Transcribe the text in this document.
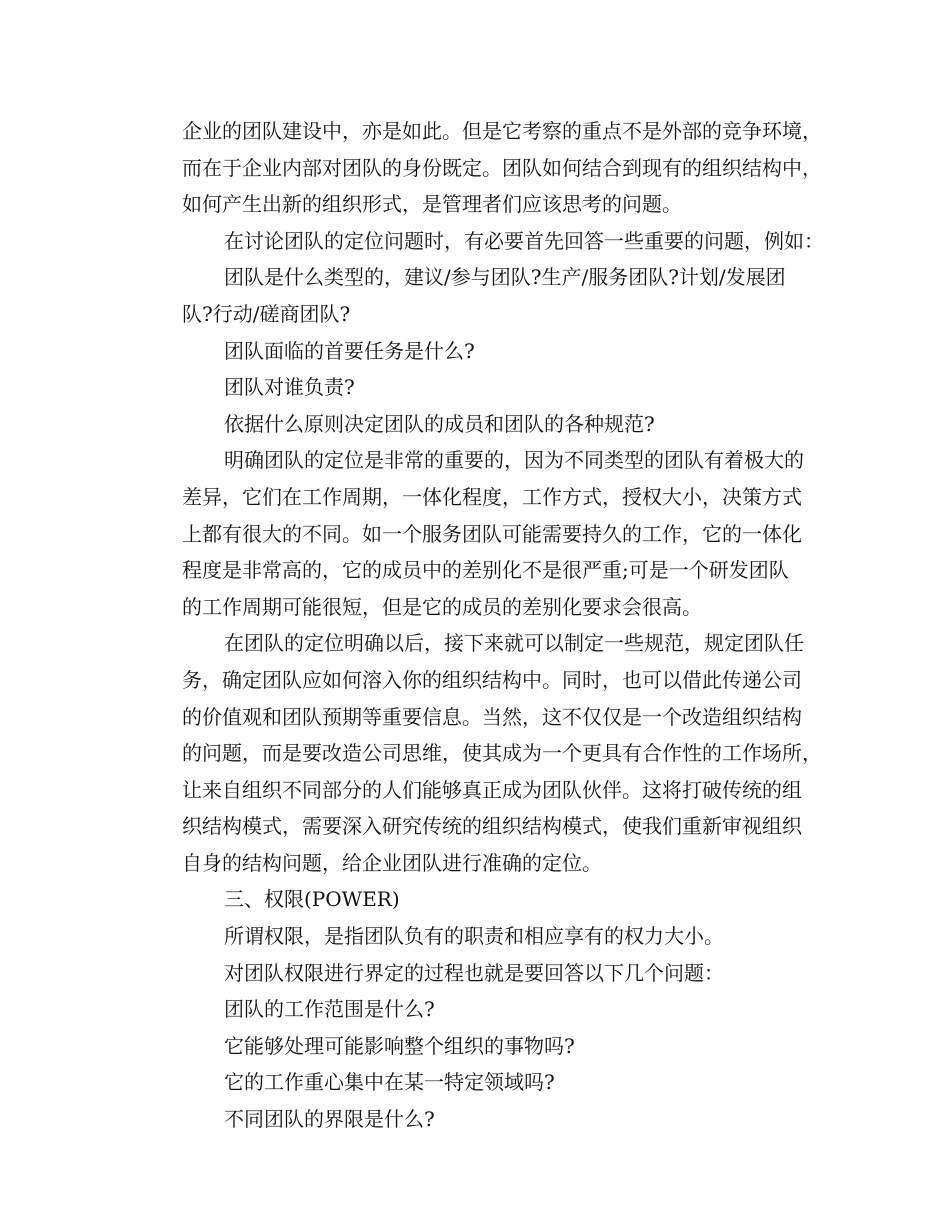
企业的团队建设中，亦是如此。但是它考察的重点不是外部的竞争环境，
而在于企业内部对团队的身份既定。团队如何结合到现有的组织结构中，
如何产生出新的组织形式，是管理者们应该思考的问题。
在讨论团队的定位问题时，有必要首先回答一些重要的问题，例如：
团队是什么类型的，建议/参与团队?生产/服务团队?计划/发展团
队?行动/磋商团队?
团队面临的首要任务是什么?
团队对谁负责?
依据什么原则决定团队的成员和团队的各种规范?
明确团队的定位是非常的重要的，因为不同类型的团队有着极大的
差异，它们在工作周期，一体化程度，工作方式，授权大小，决策方式
上都有很大的不同。如一个服务团队可能需要持久的工作，它的一体化
程度是非常高的，它的成员中的差别化不是很严重;可是一个研发团队
的工作周期可能很短，但是它的成员的差别化要求会很高。
在团队的定位明确以后，接下来就可以制定一些规范，规定团队任
务，确定团队应如何溶入你的组织结构中。同时，也可以借此传递公司
的价值观和团队预期等重要信息。当然，这不仅仅是一个改造组织结构
的问题，而是要改造公司思维，使其成为一个更具有合作性的工作场所，
让来自组织不同部分的人们能够真正成为团队伙伴。这将打破传统的组
织结构模式，需要深入研究传统的组织结构模式，使我们重新审视组织
自身的结构问题，给企业团队进行准确的定位。
三、权限(POWER)
所谓权限，是指团队负有的职责和相应享有的权力大小。
对团队权限进行界定的过程也就是要回答以下几个问题：
团队的工作范围是什么?
它能够处理可能影响整个组织的事物吗?
它的工作重心集中在某一特定领域吗?
不同团队的界限是什么?
